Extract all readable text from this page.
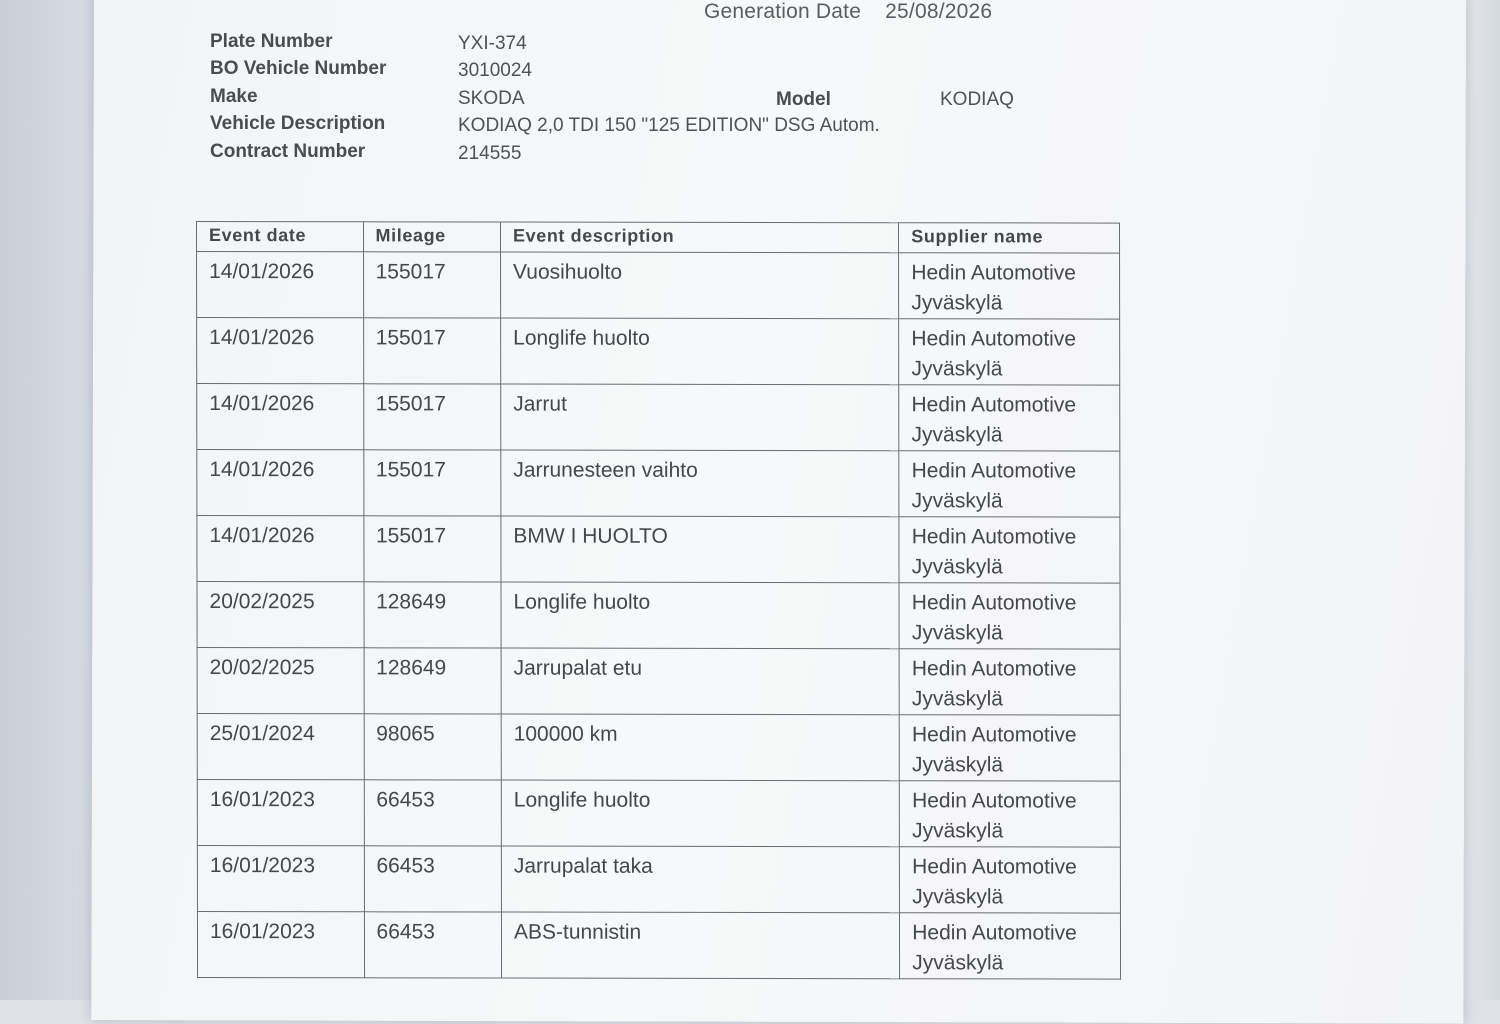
Generation Date 25/08/2026
Plate Number	YXI-374
BO Vehicle Number	3010024
Make	SKODA	Model	KODIAQ
Vehicle Description	KODIAQ 2,0 TDI 150 "125 EDITION" DSG Autom.
Contract Number	214555
Event date	Mileage	Event description	Supplier name
14/01/2026	155017	Vuosihuolto	Hedin Automotive
Jyväskylä
14/01/2026	155017	Longlife huolto	Hedin Automotive
Jyväskylä
14/01/2026	155017	Jarrut	Hedin Automotive
Jyväskylä
14/01/2026	155017	Jarrunesteen vaihto	Hedin Automotive
Jyväskylä
14/01/2026	155017	BMW I HUOLTO	Hedin Automotive
Jyväskylä
20/02/2025	128649	Longlife huolto	Hedin Automotive
Jyväskylä
20/02/2025	128649	Jarrupalat etu	Hedin Automotive
Jyväskylä
25/01/2024	98065	100000 km	Hedin Automotive
Jyväskylä
16/01/2023	66453	Longlife huolto	Hedin Automotive
Jyväskylä
16/01/2023	66453	Jarrupalat taka	Hedin Automotive
Jyväskylä
16/01/2023	66453	ABS-tunnistin	Hedin Automotive
Jyväskylä
